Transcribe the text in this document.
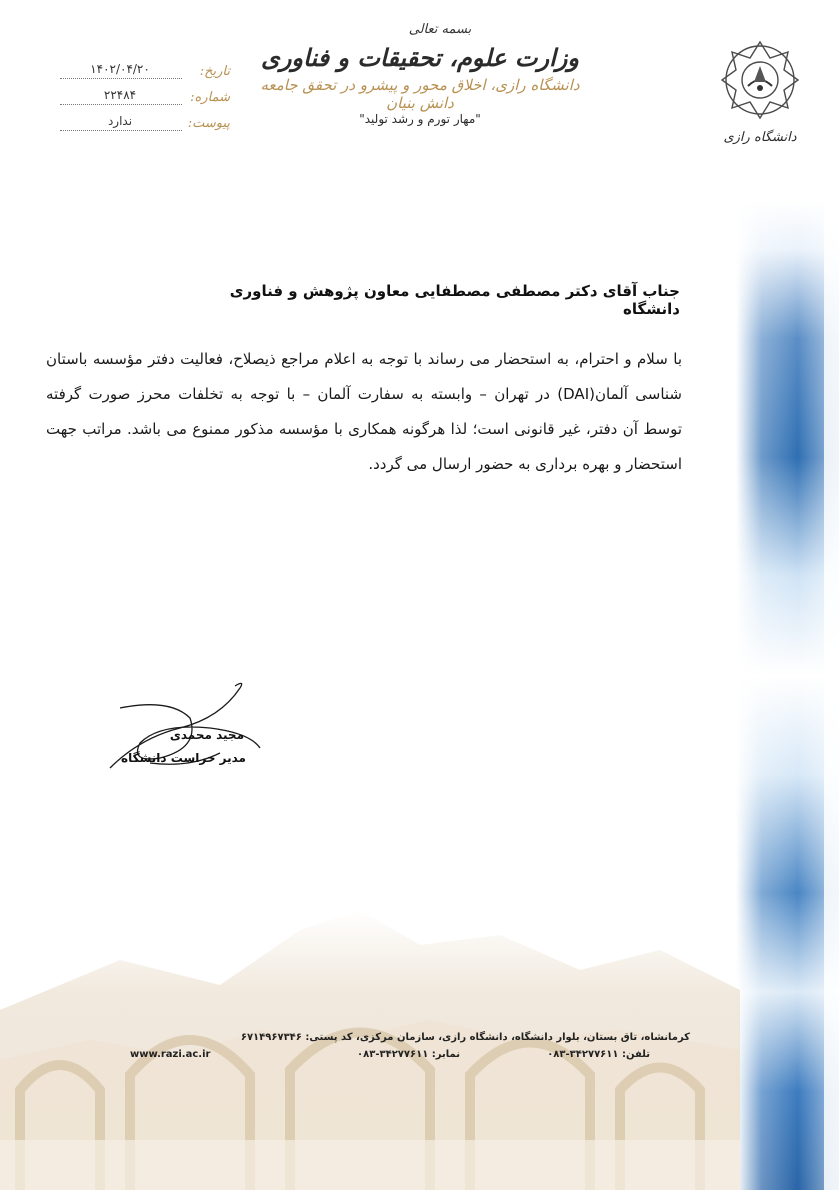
دانشگاه رازی
بسمه تعالی
وزارت علوم، تحقیقات و فناوری
دانشگاه رازی، اخلاق محور و پیشرو در تحقق جامعه دانش بنیان
"مهار تورم و رشد تولید"
تاریخ:
۱۴۰۲/۰۴/۲۰
شماره:
۲۲۴۸۴
پیوست:
ندارد
جناب آقای دکتر مصطفی مصطفایی معاون پژوهش و فناوری دانشگاه
با سلام و احترام، به استحضار می رساند با توجه به اعلام مراجع ذیصلاح، فعالیت دفتر مؤسسه باستان شناسی آلمان(DAI) در تهران – وابسته به سفارت آلمان – با توجه به تخلفات محرز صورت گرفته توسط آن دفتر، غیر قانونی است؛ لذا هرگونه همکاری با مؤسسه مذکور ممنوع می باشد. مراتب جهت استحضار و بهره برداری به حضور ارسال می گردد.
مجید محمدی
مدیر حراست دانشگاه
کرمانشاه، تاق بستان، بلوار دانشگاه، دانشگاه رازی، سازمان مرکزی، کد پستی: ۶۷۱۴۹۶۷۳۴۶
تلفن: ۳۴۲۷۷۶۱۱-۰۸۳
نمابر: ۳۴۲۷۷۶۱۱-۰۸۳
www.razi.ac.ir
